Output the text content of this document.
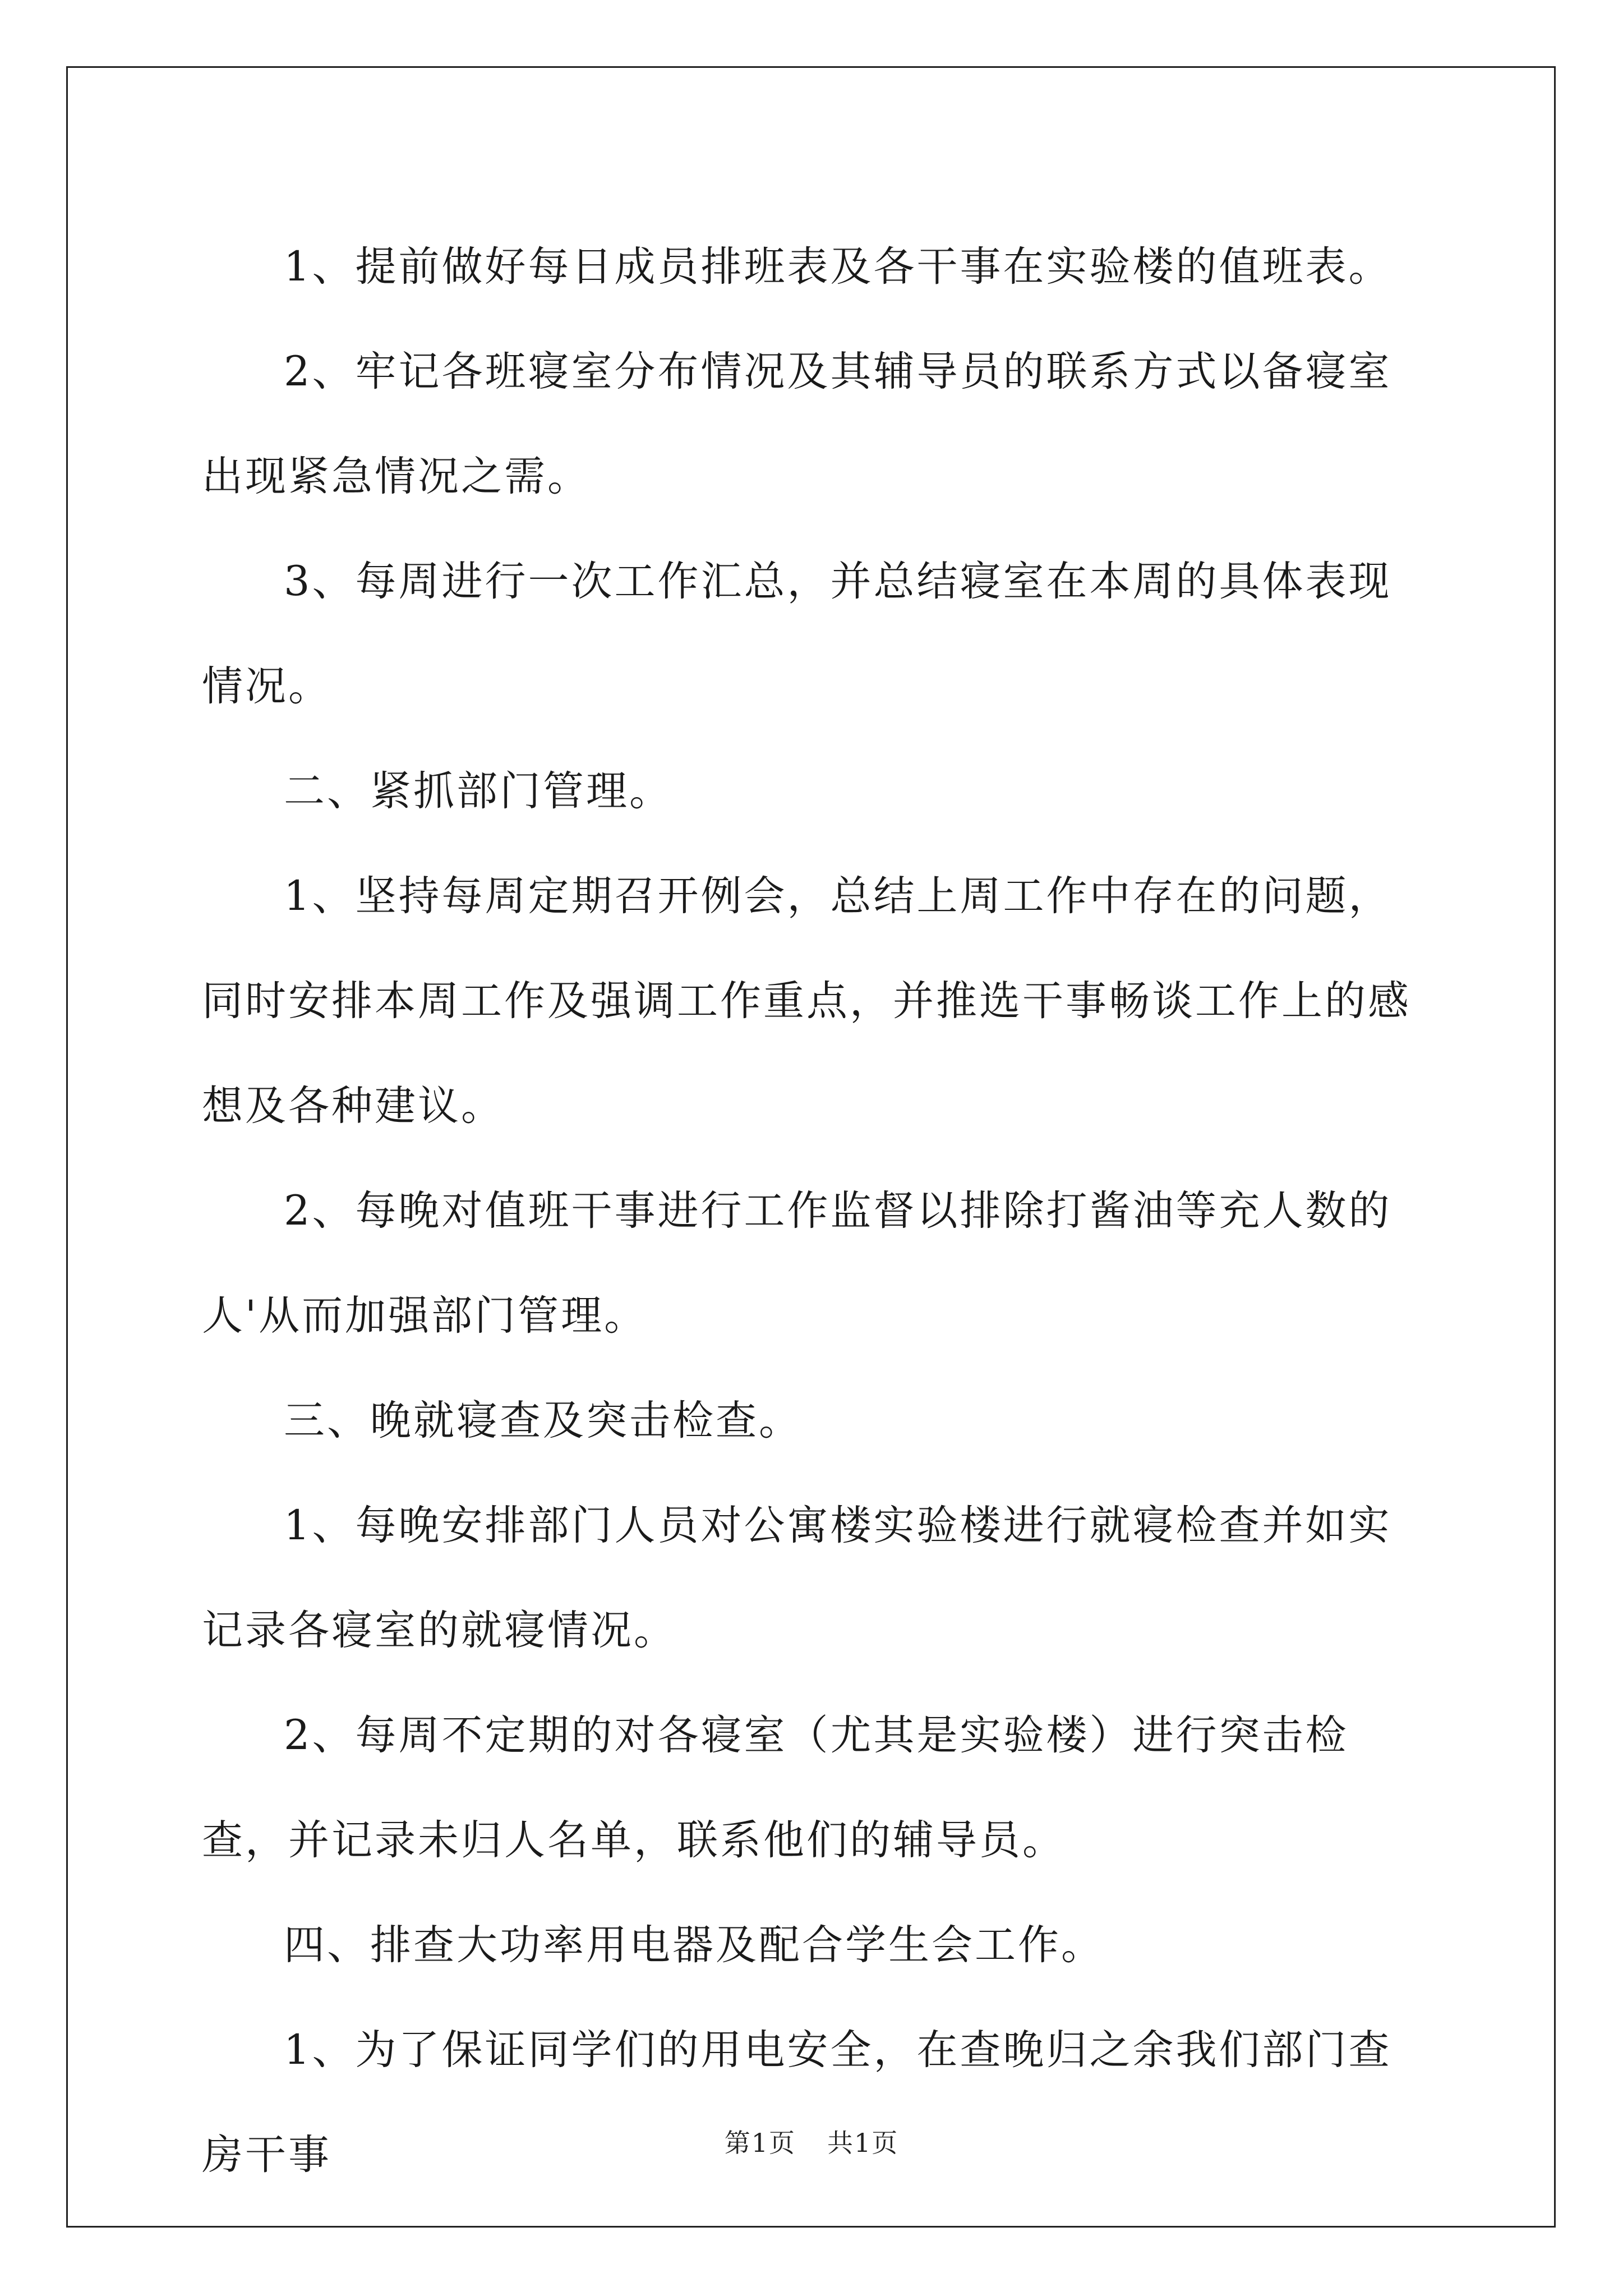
1、提前做好每日成员排班表及各干事在实验楼的值班表。

2、牢记各班寝室分布情况及其辅导员的联系方式以备寝室出现紧急情况之需。

3、每周进行一次工作汇总，并总结寝室在本周的具体表现情况。

二、紧抓部门管理。

1、坚持每周定期召开例会，总结上周工作中存在的问题，同时安排本周工作及强调工作重点，并推选干事畅谈工作上的感想及各种建议。

2、每晚对值班干事进行工作监督以排除打酱油等充人数的人'从而加强部门管理。

三、晚就寝查及突击检查。

1、每晚安排部门人员对公寓楼实验楼进行就寝检查并如实记录各寝室的就寝情况。

2、每周不定期的对各寝室（尤其是实验楼）进行突击检查，并记录未归人名单，联系他们的辅导员。

四、排查大功率用电器及配合学生会工作。

1、为了保证同学们的用电安全，在查晚归之余我们部门查房干事	第1页 共1页
